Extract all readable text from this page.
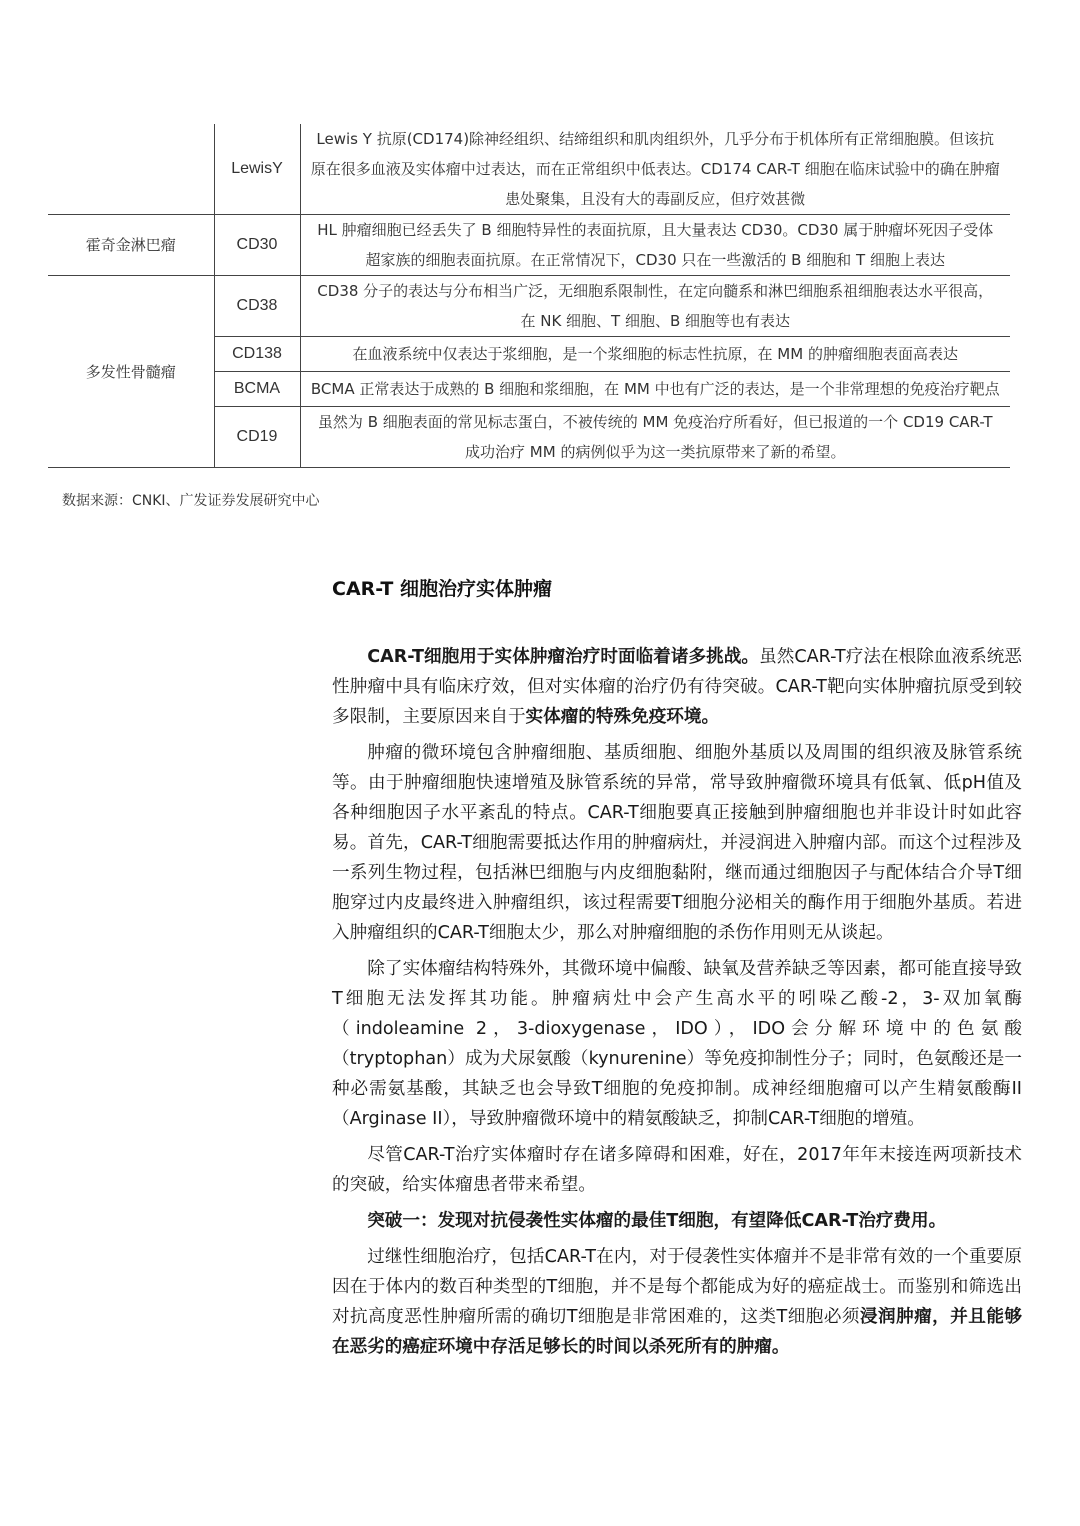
	LewisY	Lewis Y 抗原(CD174)除神经组织、结缔组织和肌肉组织外，几乎分布于机体所有正常细胞膜。但该抗原在很多血液及实体瘤中过表达，而在正常组织中低表达。CD174 CAR-T 细胞在临床试验中的确在肿瘤患处聚集，且没有大的毒副反应，但疗效甚微
霍奇金淋巴瘤	CD30	HL 肿瘤细胞已经丢失了 B 细胞特异性的表面抗原，且大量表达 CD30。CD30 属于肿瘤坏死因子受体超家族的细胞表面抗原。在正常情况下，CD30 只在一些激活的 B 细胞和 T 细胞上表达
多发性骨髓瘤	CD38	CD38 分子的表达与分布相当广泛，无细胞系限制性，在定向髓系和淋巴细胞系祖细胞表达水平很高，在 NK 细胞、T 细胞、B 细胞等也有表达
	CD138	在血液系统中仅表达于浆细胞，是一个浆细胞的标志性抗原，在 MM 的肿瘤细胞表面高表达
	BCMA	BCMA 正常表达于成熟的 B 细胞和浆细胞，在 MM 中也有广泛的表达，是一个非常理想的免疫治疗靶点
	CD19	虽然为 B 细胞表面的常见标志蛋白，不被传统的 MM 免疫治疗所看好，但已报道的一个 CD19 CAR-T 成功治疗 MM 的病例似乎为这一类抗原带来了新的希望。
数据来源：CNKI、广发证券发展研究中心
CAR-T 细胞治疗实体肿瘤

CAR-T细胞用于实体肿瘤治疗时面临着诸多挑战。虽然CAR-T疗法在根除血液系统恶性肿瘤中具有临床疗效，但对实体瘤的治疗仍有待突破。CAR-T靶向实体肿瘤抗原受到较多限制，主要原因来自于实体瘤的特殊免疫环境。

肿瘤的微环境包含肿瘤细胞、基质细胞、细胞外基质以及周围的组织液及脉管系统等。由于肿瘤细胞快速增殖及脉管系统的异常，常导致肿瘤微环境具有低氧、低pH值及各种细胞因子水平紊乱的特点。CAR-T细胞要真正接触到肿瘤细胞也并非设计时如此容易。首先，CAR-T细胞需要抵达作用的肿瘤病灶，并浸润进入肿瘤内部。而这个过程涉及一系列生物过程，包括淋巴细胞与内皮细胞黏附，继而通过细胞因子与配体结合介导T细胞穿过内皮最终进入肿瘤组织，该过程需要T细胞分泌相关的酶作用于细胞外基质。若进入肿瘤组织的CAR-T细胞太少，那么对肿瘤细胞的杀伤作用则无从谈起。

除了实体瘤结构特殊外，其微环境中偏酸、缺氧及营养缺乏等因素，都可能直接导致T细胞无法发挥其功能。肿瘤病灶中会产生高水平的吲哚乙酸-2，3-双加氧酶（indoleamine 2，3-dioxygenase，IDO），IDO会分解环境中的色氨酸（tryptophan）成为犬尿氨酸（kynurenine）等免疫抑制性分子；同时，色氨酸还是一种必需氨基酸，其缺乏也会导致T细胞的免疫抑制。成神经细胞瘤可以产生精氨酸酶II（Arginase II），导致肿瘤微环境中的精氨酸缺乏，抑制CAR-T细胞的增殖。

尽管CAR-T治疗实体瘤时存在诸多障碍和困难，好在，2017年年末接连两项新技术的突破，给实体瘤患者带来希望。

突破一：发现对抗侵袭性实体瘤的最佳T细胞，有望降低CAR-T治疗费用。

过继性细胞治疗，包括CAR-T在内，对于侵袭性实体瘤并不是非常有效的一个重要原因在于体内的数百种类型的T细胞，并不是每个都能成为好的癌症战士。而鉴别和筛选出对抗高度恶性肿瘤所需的确切T细胞是非常困难的，这类T细胞必须浸润肿瘤，并且能够在恶劣的癌症环境中存活足够长的时间以杀死所有的肿瘤。
